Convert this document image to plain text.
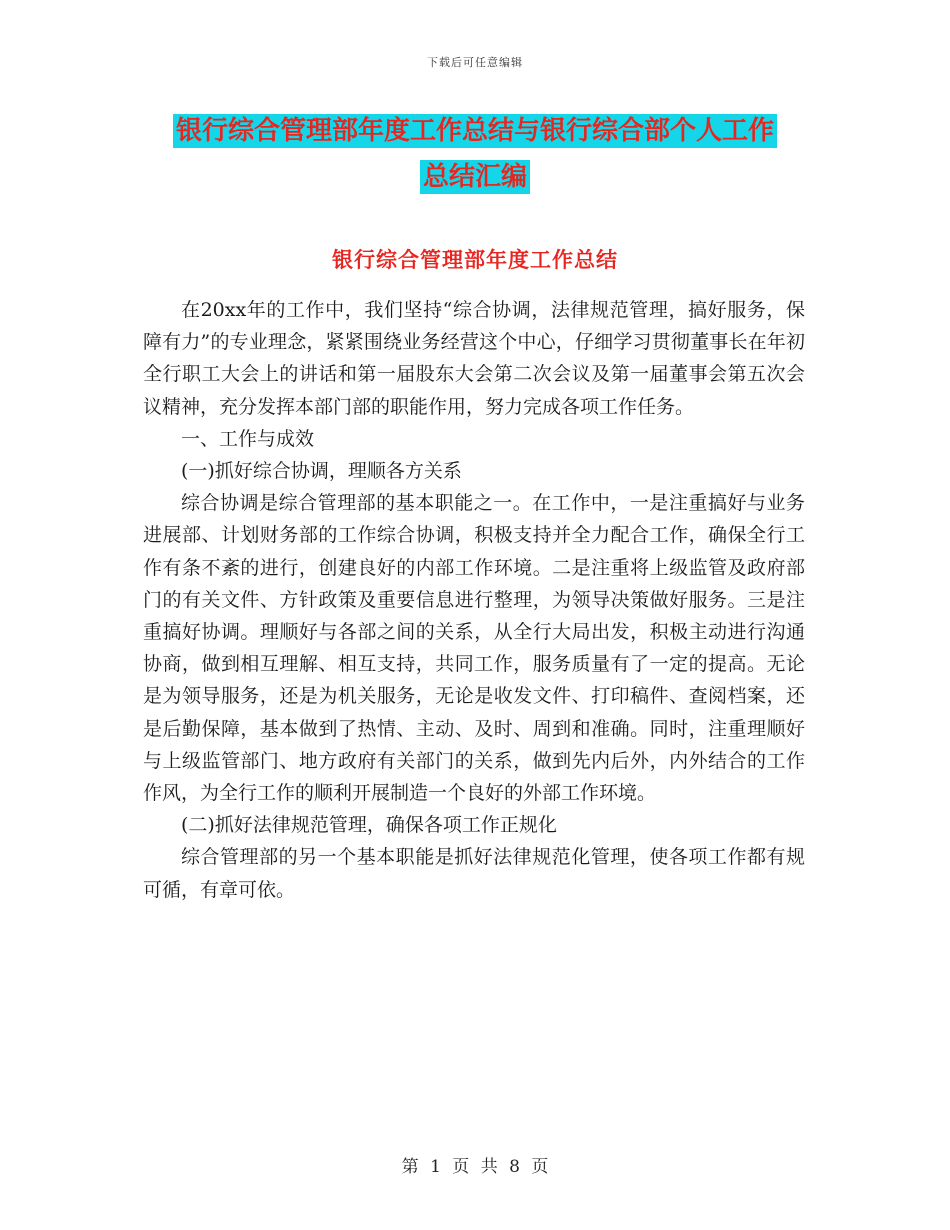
下载后可任意编辑
银行综合管理部年度工作总结与银行综合部个人工作
总结汇编
银行综合管理部年度工作总结

在20xx年的工作中，我们坚持“综合协调，法律规范管理，搞好服务，保障有力”的专业理念，紧紧围绕业务经营这个中心，仔细学习贯彻董事长在年初全行职工大会上的讲话和第一届股东大会第二次会议及第一届董事会第五次会议精神，充分发挥本部门部的职能作用，努力完成各项工作任务。

一、工作与成效

(一)抓好综合协调，理顺各方关系

综合协调是综合管理部的基本职能之一。在工作中，一是注重搞好与业务进展部、计划财务部的工作综合协调，积极支持并全力配合工作，确保全行工作有条不紊的进行，创建良好的内部工作环境。二是注重将上级监管及政府部门的有关文件、方针政策及重要信息进行整理，为领导决策做好服务。三是注重搞好协调。理顺好与各部之间的关系，从全行大局出发，积极主动进行沟通协商，做到相互理解、相互支持，共同工作，服务质量有了一定的提高。无论是为领导服务，还是为机关服务，无论是收发文件、打印稿件、查阅档案，还是后勤保障，基本做到了热情、主动、及时、周到和准确。同时，注重理顺好与上级监管部门、地方政府有关部门的关系，做到先内后外，内外结合的工作作风，为全行工作的顺利开展制造一个良好的外部工作环境。

(二)抓好法律规范管理，确保各项工作正规化

综合管理部的另一个基本职能是抓好法律规范化管理，使各项工作都有规可循，有章可依。

第 1 页 共 8 页
